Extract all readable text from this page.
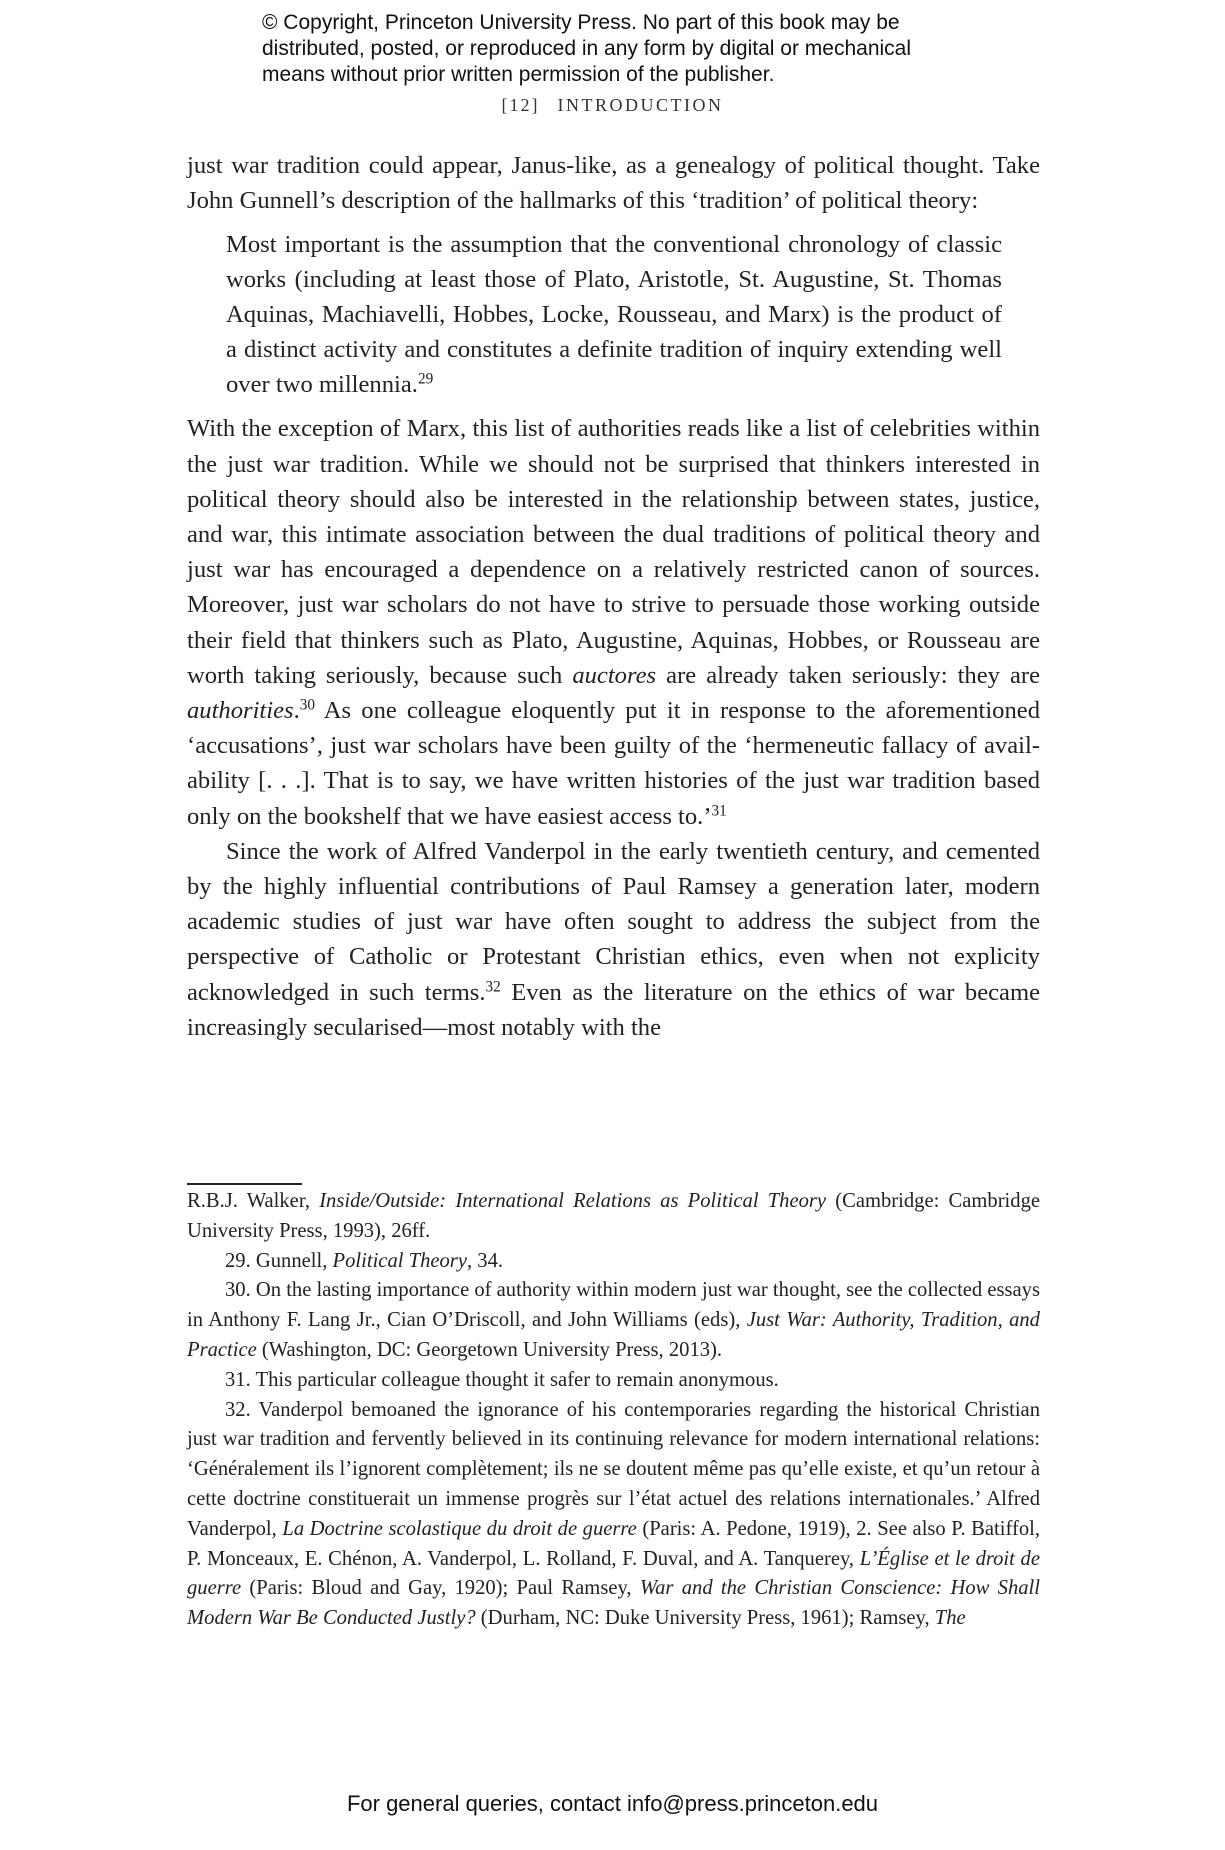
© Copyright, Princeton University Press. No part of this book may be
distributed, posted, or reproduced in any form by digital or mechanical
means without prior written permission of the publisher.
[12] INTRODUCTION

just war tradition could appear, Janus-like, as a genealogy of political thought. Take John Gunnell’s description of the hallmarks of this ‘tradition’ of political theory:

Most important is the assumption that the conventional chronology of classic works (including at least those of Plato, Aristotle, St. Augustine, St. Thomas Aquinas, Machiavelli, Hobbes, Locke, Rousseau, and Marx) is the product of a distinct activity and constitutes a definite tradition of inquiry extending well over two millennia.$^{29}$

With the exception of Marx, this list of authorities reads like a list of celebrities within the just war tradition. While we should not be surprised that thinkers interested in political theory should also be interested in the relationship between states, justice, and war, this intimate association between the dual traditions of political theory and just war has encouraged a dependence on a relatively restricted canon of sources. Moreover, just war scholars do not have to strive to persuade those working outside their field that thinkers such as Plato, Augustine, Aquinas, Hobbes, or Rousseau are worth taking seriously, because such auctores are already taken seriously: they are authorities.$^{30}$ As one colleague eloquently put it in response to the aforementioned ‘accusations’, just war scholars have been guilty of the ‘hermeneutic fallacy of availability [. . .]. That is to say, we have written histories of the just war tradition based only on the bookshelf that we have easiest access to.’$^{31}$

Since the work of Alfred Vanderpol in the early twentieth century, and cemented by the highly influential contributions of Paul Ramsey a generation later, modern academic studies of just war have often sought to address the subject from the perspective of Catholic or Protestant Christian ethics, even when not explicity acknowledged in such terms.$^{32}$ Even as the literature on the ethics of war became increasingly secularised—most notably with the

R.B.J. Walker, Inside/Outside: International Relations as Political Theory (Cambridge: Cambridge University Press, 1993), 26ff.

29. Gunnell, Political Theory, 34.

30. On the lasting importance of authority within modern just war thought, see the collected essays in Anthony F. Lang Jr., Cian O’Driscoll, and John Williams (eds), Just War: Authority, Tradition, and Practice (Washington, DC: Georgetown University Press, 2013).

31. This particular colleague thought it safer to remain anonymous.

32. Vanderpol bemoaned the ignorance of his contemporaries regarding the historical Christian just war tradition and fervently believed in its continuing relevance for modern international relations: ‘Généralement ils l’ignorent complètement; ils ne se doutent même pas qu’elle existe, et qu’un retour à cette doctrine constituerait un immense progrès sur l’état actuel des relations internationales.’ Alfred Vanderpol, La Doctrine scolastique du droit de guerre (Paris: A. Pedone, 1919), 2. See also P. Batiffol, P. Monceaux, E. Chénon, A. Vanderpol, L. Rolland, F. Duval, and A. Tanquerey, L’Église et le droit de guerre (Paris: Bloud and Gay, 1920); Paul Ramsey, War and the Christian Conscience: How Shall Modern War Be Conducted Justly? (Durham, NC: Duke University Press, 1961); Ramsey, The

For general queries, contact info@press.princeton.edu
